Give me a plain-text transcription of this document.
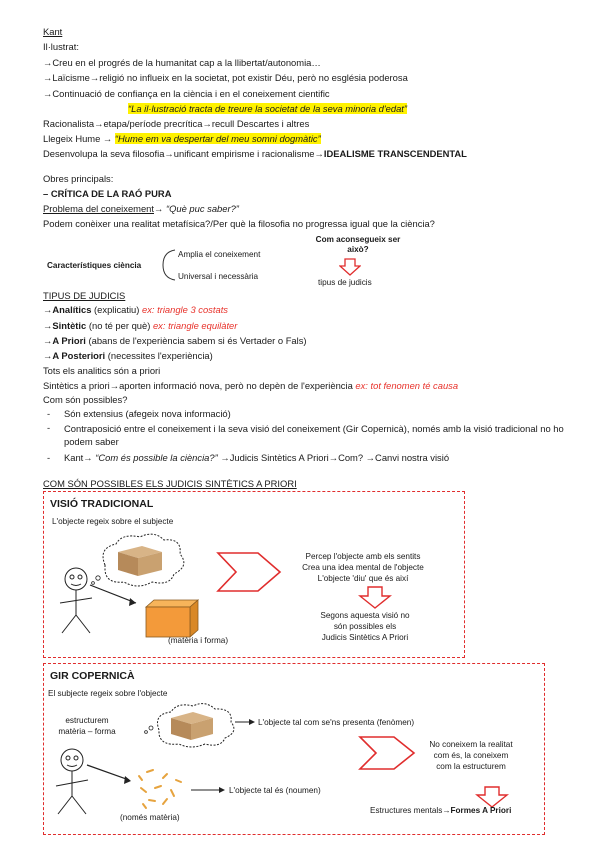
Kant
Il·lustrat:
→Creu en el progrés de la humanitat cap a la llibertat/autonomia…
→Laïcisme→religió no influeix en la societat, pot existir Déu, però no església poderosa
→Continuació de confiança en la ciència i en el coneixement cientific
“La il·lustració tracta de treure la societat de la seva minoria d'edat”
Racionalista→etapa/període precrítica→recull Descartes i altres
Llegeix Hume → “Hume em va despertar del meu somni dogmàtic”
Desenvolupa la seva filosofia→unificant empirisme i racionalisme→IDEALISME TRANSCENDENTAL
Obres principals:
– CRÍTICA DE LA RAÓ PURA
Problema del coneixement→ “Què puc saber?”
Podem conèixer una realitat metafísica?/Per què la filosofia no progressa igual que la ciència?
Característiques ciència
Amplia el coneixement
Universal i necessària
Com aconsegueix ser això?
tipus de judicis
TIPUS DE JUDICIS
→Analítics (explicatiu) ex: triangle 3 costats
→Sintètic (no té per què) ex: triangle equilàter
→A Priori (abans de l'experiència sabem si és Vertader o Fals)
→A Posteriori (necessites l'experiència)
Tots els analitics són a priori
Sintètics a priori→aporten informació nova, però no depèn de l'experiència ex: tot fenomen té causa
Com són possibles?
- Són extensius (afegeix nova informació)
- Contraposició entre el coneixement i la seva visió del coneixement (Gir Copernicà), només amb la visió tradicional no ho podem saber
- Kant→ “Com és possible la ciència?” →Judicis Sintètics A Priori→Com? →Canvi nostra visió
COM SÓN POSSIBLES ELS JUDICIS SINTÈTICS A PRIORI
VISIÓ TRADICIONAL
L'objecte regeix sobre el subjecte
(matèria i forma)
Percep l'objecte amb els sentits
Crea una idea mental de l'objecte
L'objecte 'diu' que és així
Segons aquesta visió no
són possibles els
Judicis Sintètics A Priori
GIR COPERNICÀ
El subjecte regeix sobre l'objecte
estructurem
matèria – forma
L'objecte tal com se'ns presenta (fenòmen)
No coneixem la realitat
com és, la coneixem
com la estructurem
L'objecte tal és (noumen)
(només matèria)
Estructures mentals→Formes A Priori
